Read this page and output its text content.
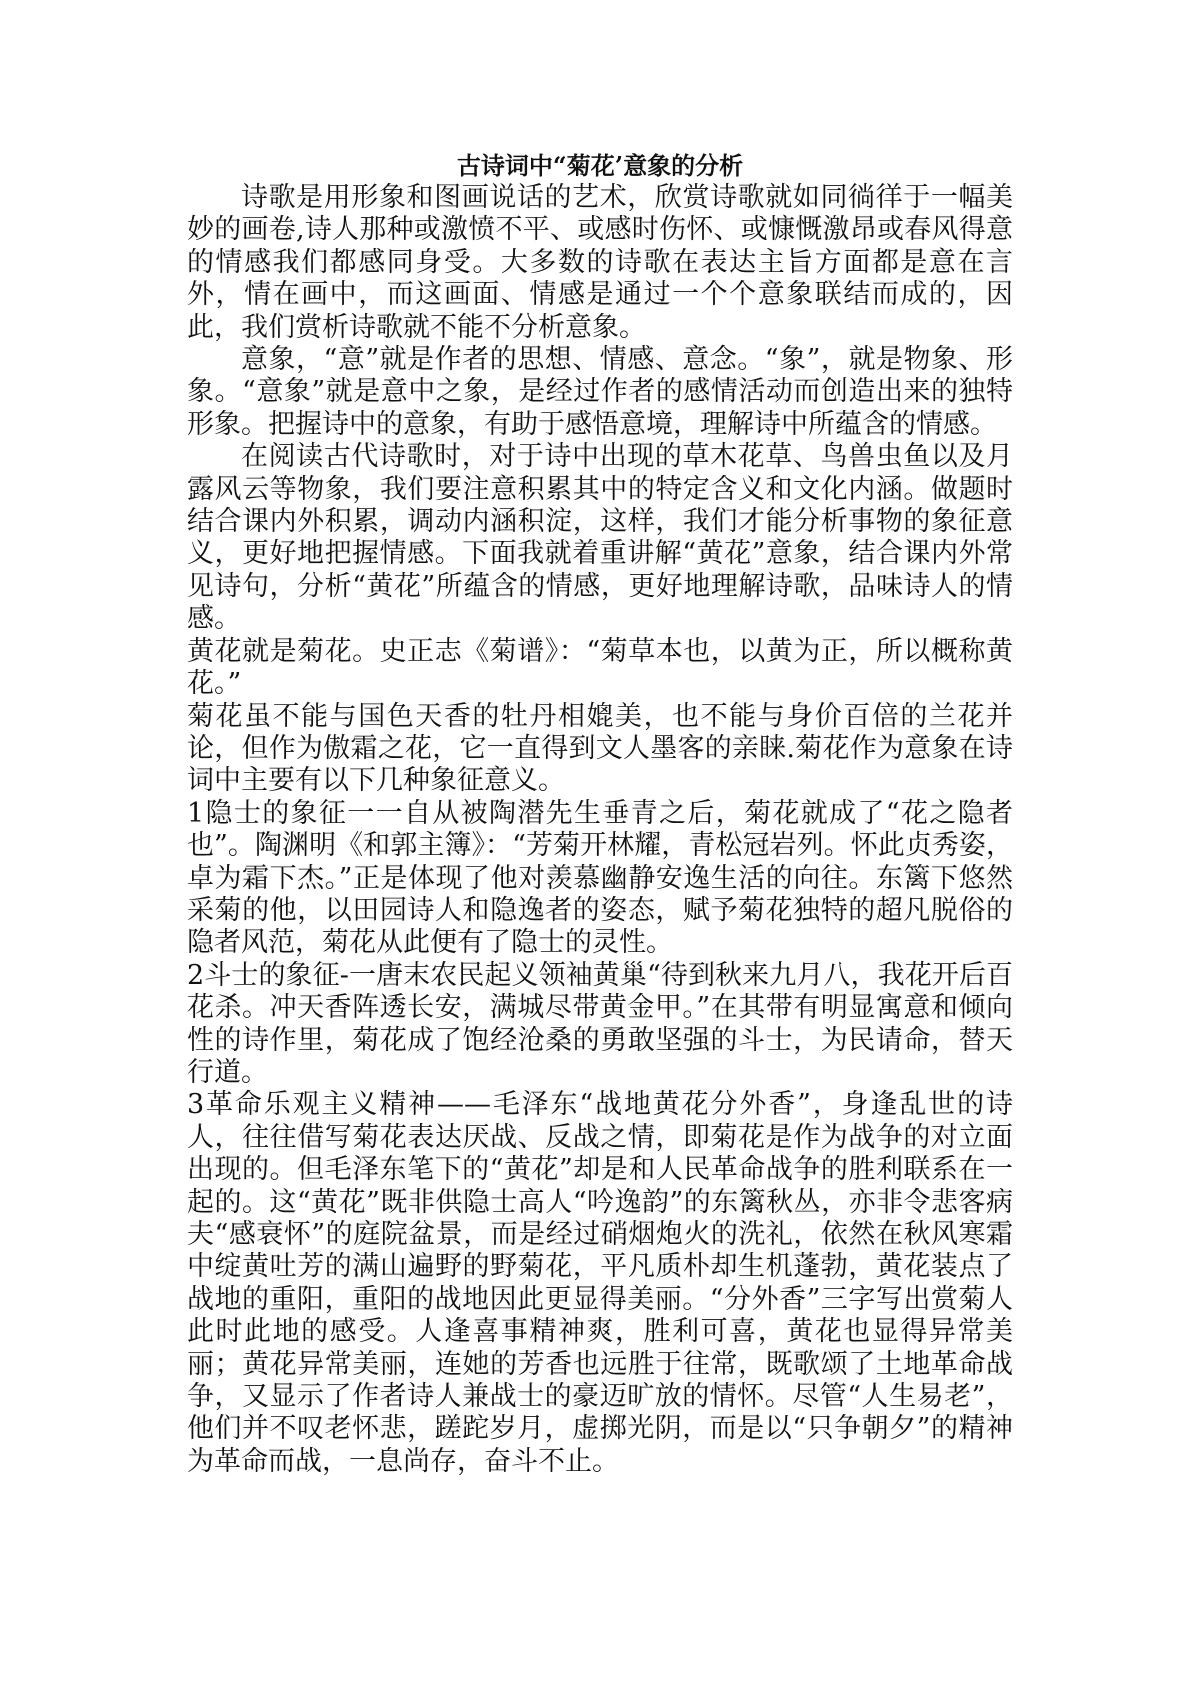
古诗词中“菊花’意象的分析

诗歌是用形象和图画说话的艺术，欣赏诗歌就如同徜徉于一幅美妙的画卷,诗人那种或激愤不平、或感时伤怀、或慷慨激昂或春风得意的情感我们都感同身受。大多数的诗歌在表达主旨方面都是意在言外，情在画中，而这画面、情感是通过一个个意象联结而成的，因此，我们赏析诗歌就不能不分析意象。

意象，“意”就是作者的思想、情感、意念。“象”，就是物象、形象。“意象”就是意中之象，是经过作者的感情活动而创造出来的独特形象。把握诗中的意象，有助于感悟意境，理解诗中所蕴含的情感。

在阅读古代诗歌时，对于诗中出现的草木花草、鸟兽虫鱼以及月露风云等物象，我们要注意积累其中的特定含义和文化内涵。做题时结合课内外积累，调动内涵积淀，这样，我们才能分析事物的象征意义，更好地把握情感。下面我就着重讲解“黄花”意象，结合课内外常见诗句，分析“黄花”所蕴含的情感，更好地理解诗歌，品味诗人的情感。

黄花就是菊花。史正志《菊谱》：“菊草本也，以黄为正，所以概称黄花。”

菊花虽不能与国色天香的牡丹相媲美，也不能与身价百倍的兰花并论，但作为傲霜之花，它一直得到文人墨客的亲睐.菊花作为意象在诗词中主要有以下几种象征意义。

1隐士的象征一一自从被陶潜先生垂青之后，菊花就成了“花之隐者也”。陶渊明《和郭主簿》：“芳菊开林耀，青松冠岩列。怀此贞秀姿，卓为霜下杰。”正是体现了他对羡慕幽静安逸生活的向往。东篱下悠然采菊的他，以田园诗人和隐逸者的姿态，赋予菊花独特的超凡脱俗的隐者风范，菊花从此便有了隐士的灵性。

2斗士的象征-一唐末农民起义领袖黄巢“待到秋来九月八，我花开后百花杀。冲天香阵透长安，满城尽带黄金甲。”在其带有明显寓意和倾向性的诗作里，菊花成了饱经沧桑的勇敢坚强的斗士，为民请命，替天行道。

3革命乐观主义精神——毛泽东“战地黄花分外香”，身逢乱世的诗人，往往借写菊花表达厌战、反战之情，即菊花是作为战争的对立面出现的。但毛泽东笔下的“黄花”却是和人民革命战争的胜利联系在一起的。这“黄花”既非供隐士高人“吟逸韵”的东篱秋丛，亦非令悲客病夫“感衰怀”的庭院盆景，而是经过硝烟炮火的洗礼，依然在秋风寒霜中绽黄吐芳的满山遍野的野菊花，平凡质朴却生机蓬勃，黄花装点了战地的重阳，重阳的战地因此更显得美丽。“分外香”三字写出赏菊人此时此地的感受。人逢喜事精神爽，胜利可喜，黄花也显得异常美丽；黄花异常美丽，连她的芳香也远胜于往常，既歌颂了土地革命战争，又显示了作者诗人兼战士的豪迈旷放的情怀。尽管“人生易老”，他们并不叹老怀悲，蹉跎岁月，虚掷光阴，而是以“只争朝夕”的精神为革命而战，一息尚存，奋斗不止。
